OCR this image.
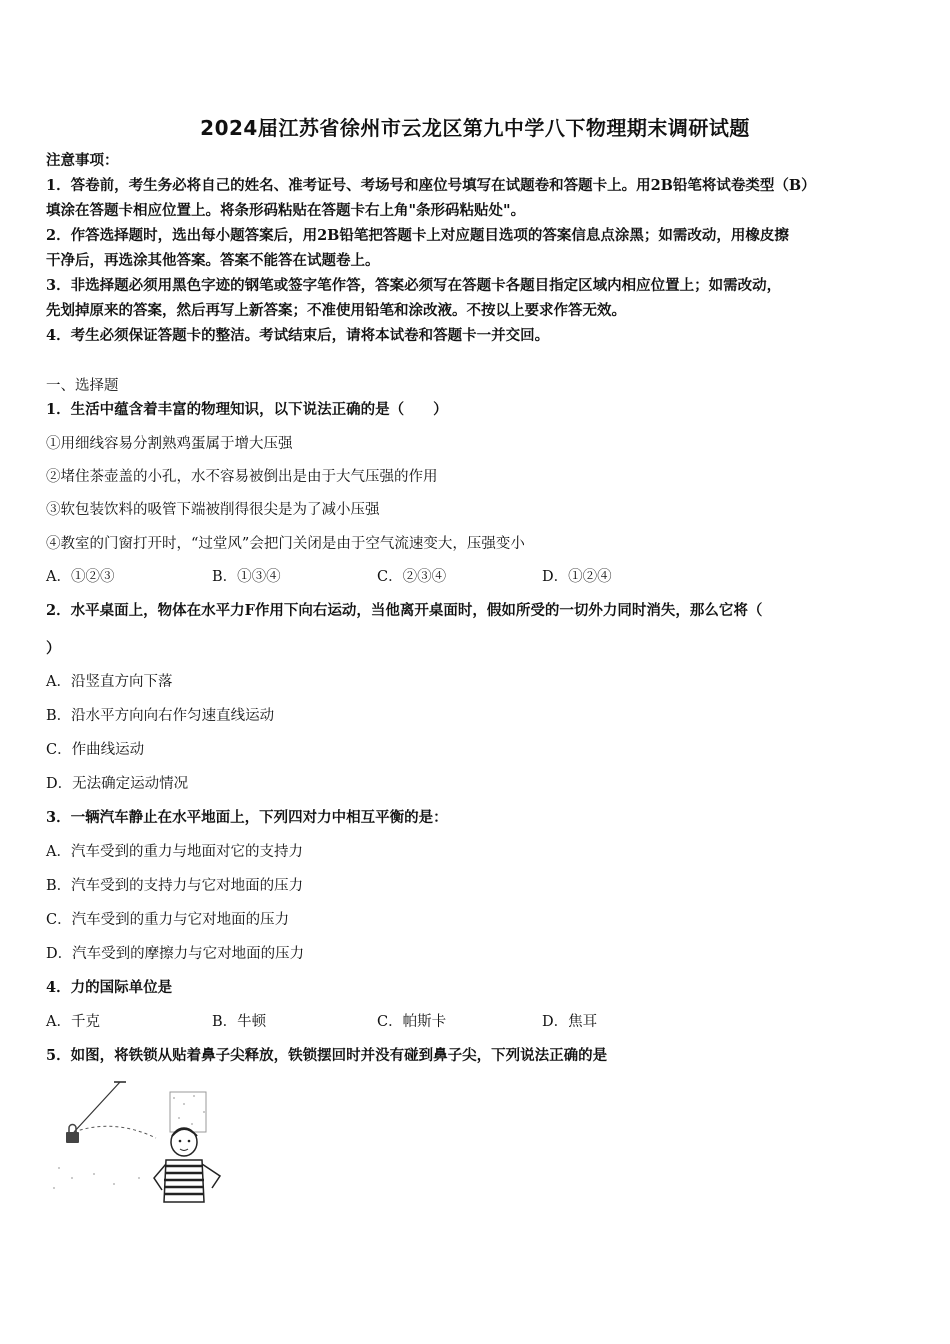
2024届江苏省徐州市云龙区第九中学八下物理期末调研试题
注意事项：
1．答卷前，考生务必将自己的姓名、准考证号、考场号和座位号填写在试题卷和答题卡上。用2B铅笔将试卷类型（B）
填涂在答题卡相应位置上。将条形码粘贴在答题卡右上角"条形码粘贴处"。
2．作答选择题时，选出每小题答案后，用2B铅笔把答题卡上对应题目选项的答案信息点涂黑；如需改动，用橡皮擦
干净后，再选涂其他答案。答案不能答在试题卷上。
3．非选择题必须用黑色字迹的钢笔或签字笔作答，答案必须写在答题卡各题目指定区域内相应位置上；如需改动，
先划掉原来的答案，然后再写上新答案；不准使用铅笔和涂改液。不按以上要求作答无效。
4．考生必须保证答题卡的整洁。考试结束后，请将本试卷和答题卡一并交回。
一、选择题
1．生活中蕴含着丰富的物理知识，以下说法正确的是（　　）
①用细线容易分割熟鸡蛋属于增大压强
②堵住茶壶盖的小孔，水不容易被倒出是由于大气压强的作用
③软包装饮料的吸管下端被削得很尖是为了减小压强
④教室的门窗打开时，“过堂风”会把门关闭是由于空气流速变大，压强变小
A．①②③	B．①③④	C．②③④	D．①②④
2．水平桌面上，物体在水平力F作用下向右运动，当他离开桌面时，假如所受的一切外力同时消失，那么它将（
）
A．沿竖直方向下落
B．沿水平方向向右作匀速直线运动
C．作曲线运动
D．无法确定运动情况
3．一辆汽车静止在水平地面上，下列四对力中相互平衡的是：
A．汽车受到的重力与地面对它的支持力
B．汽车受到的支持力与它对地面的压力
C．汽车受到的重力与它对地面的压力
D．汽车受到的摩擦力与它对地面的压力
4．力的国际单位是
A．千克	B．牛顿	C．帕斯卡	D．焦耳
5．如图，将铁锁从贴着鼻子尖释放，铁锁摆回时并没有碰到鼻子尖，下列说法正确的是
